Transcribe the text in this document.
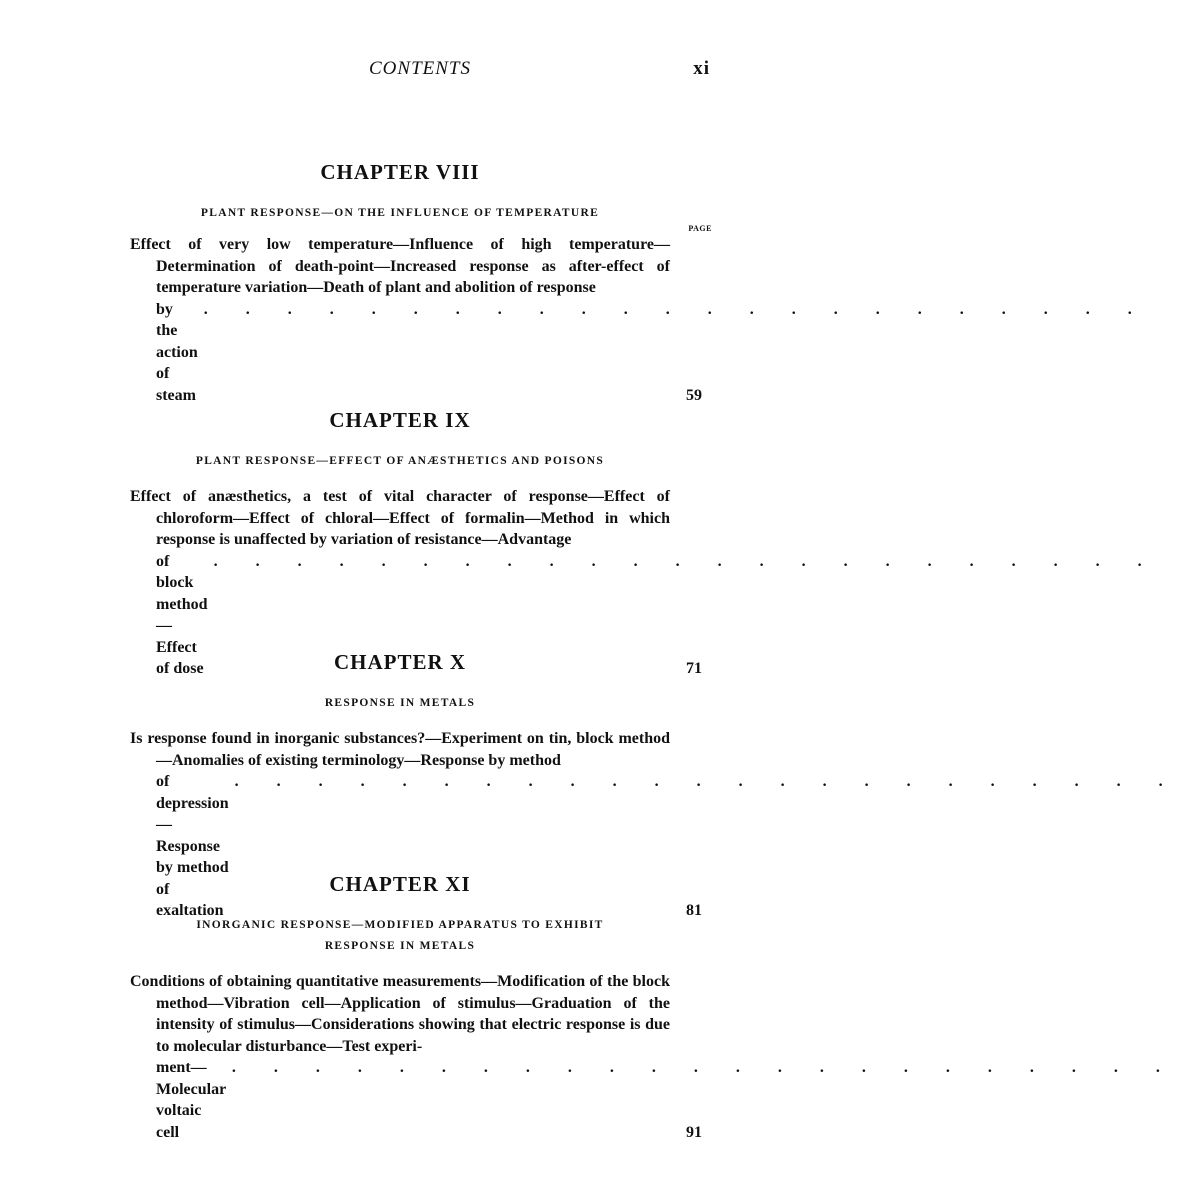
CONTENTS	xi
CHAPTER VIII

PLANT RESPONSE—ON THE INFLUENCE OF TEMPERATURE

PAGE
Effect of very low temperature—Influence of high temperature—Determination of death-point—Increased response as after-effect of temperature variation—Death of plant and abolition of response
by the action of steam
. . . . . . . . . . . . . . . . . . . . . . .
59
CHAPTER IX

PLANT RESPONSE—EFFECT OF ANÆSTHETICS AND POISONS

Effect of anæsthetics, a test of vital character of response—Effect of chloroform—Effect of chloral—Effect of formalin—Method in which response is unaffected by variation of resistance—Advantage
of block method—Effect of dose
. . . . . . . . . . . . . . . . . . . . . . .
71
CHAPTER X

RESPONSE IN METALS

Is response found in inorganic substances?—Experiment on tin, block method—Anomalies of existing terminology—Response by method
of depression—Response by method of exaltation
. . . . . . . . . . . . . . . . . . . . . . .
81
CHAPTER XI

INORGANIC RESPONSE—MODIFIED APPARATUS TO EXHIBIT RESPONSE IN METALS

Conditions of obtaining quantitative measurements—Modification of the block method—Vibration cell—Application of stimulus—Graduation of the intensity of stimulus—Considerations showing that electric response is due to molecular disturbance—Test experi-
ment—Molecular voltaic cell
. . . . . . . . . . . . . . . . . . . . . . .
91
